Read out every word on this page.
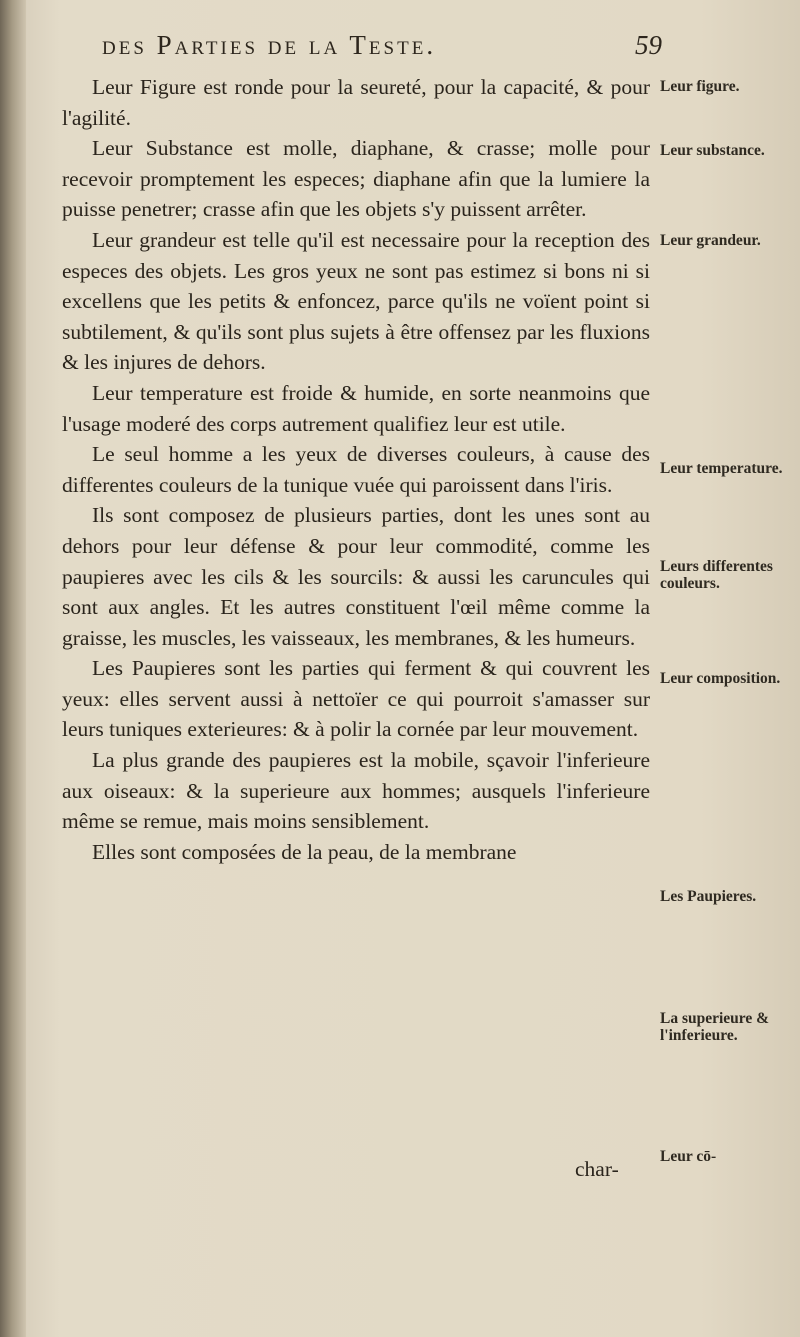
des Parties de la Teste.	59

Leur Figure est ronde pour la seureté, pour la capacité, & pour l'agilité.

Leur Substance est molle, diaphane, & crasse; molle pour recevoir promptement les especes; diaphane afin que la lumiere la puisse penetrer; crasse afin que les objets s'y puissent arrêter.

Leur grandeur est telle qu'il est necessaire pour la reception des especes des objets. Les gros yeux ne sont pas estimez si bons ni si excellens que les petits & enfoncez, parce qu'ils ne voïent point si subtilement, & qu'ils sont plus sujets à être offensez par les fluxions & les injures de dehors.

Leur temperature est froide & humide, en sorte neanmoins que l'usage moderé des corps autrement qualifiez leur est utile.

Le seul homme a les yeux de diverses couleurs, à cause des differentes couleurs de la tunique vuée qui paroissent dans l'iris.

Ils sont composez de plusieurs parties, dont les unes sont au dehors pour leur défense & pour leur commodité, comme les paupieres avec les cils & les sourcils: & aussi les caruncules qui sont aux angles. Et les autres constituent l'œil même comme la graisse, les muscles, les vaisseaux, les membranes, & les humeurs.

Les Paupieres sont les parties qui ferment & qui couvrent les yeux: elles servent aussi à nettoïer ce qui pourroit s'amasser sur leurs tuniques exterieures: & à polir la cornée par leur mouvement.

La plus grande des paupieres est la mobile, sçavoir l'inferieure aux oiseaux: & la superieure aux hommes; ausquels l'inferieure même se remue, mais moins sensiblement.

Elles sont composées de la peau, de la membrane

char-
Leur figure.
Leur substance.
Leur grandeur.
Leur temperature.
Leurs differentes couleurs.
Leur composition.
Les Paupieres.
La superieure & l'inferieure.
Leur cō-
